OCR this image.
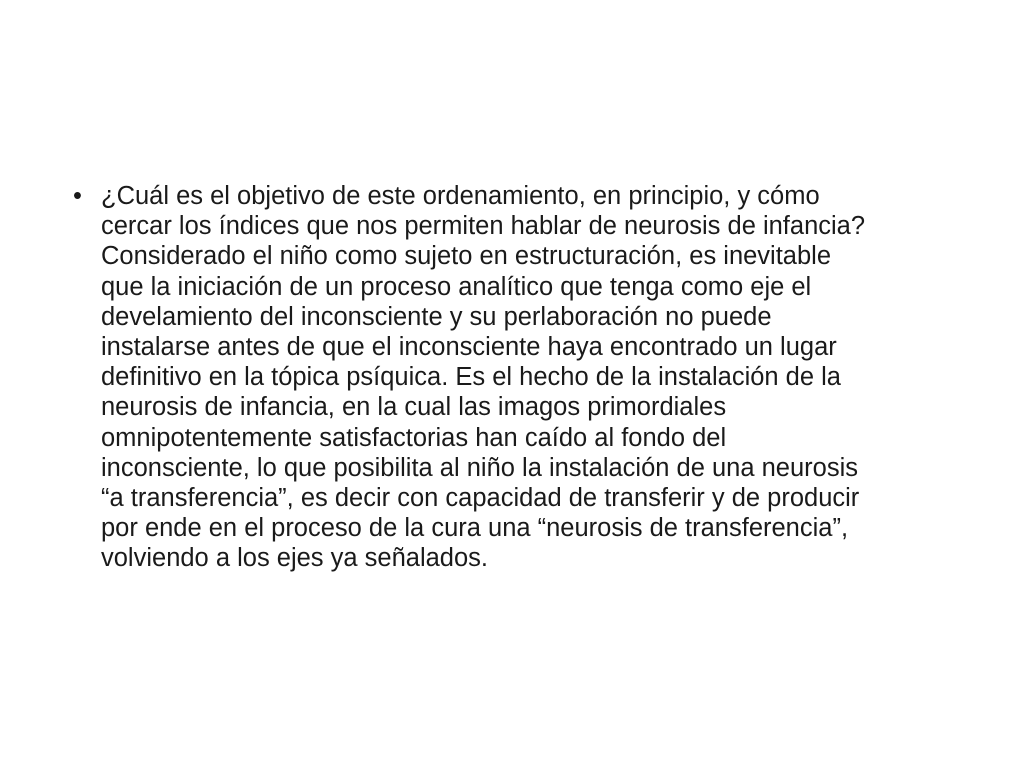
• ¿Cuál es el objetivo de este ordenamiento, en principio, y cómo
cercar los índices que nos permiten hablar de neurosis de infancia?
Considerado el niño como sujeto en estructuración, es inevitable
que la iniciación de un proceso analítico que tenga como eje el
develamiento del inconsciente y su perlaboración no puede
instalarse antes de que el inconsciente haya encontrado un lugar
definitivo en la tópica psíquica. Es el hecho de la instalación de la
neurosis de infancia, en la cual las imagos primordiales
omnipotentemente satisfactorias han caído al fondo del
inconsciente, lo que posibilita al niño la instalación de una neurosis
“a transferencia”, es decir con capacidad de transferir y de producir
por ende en el proceso de la cura una “neurosis de transferencia”,
volviendo a los ejes ya señalados.
